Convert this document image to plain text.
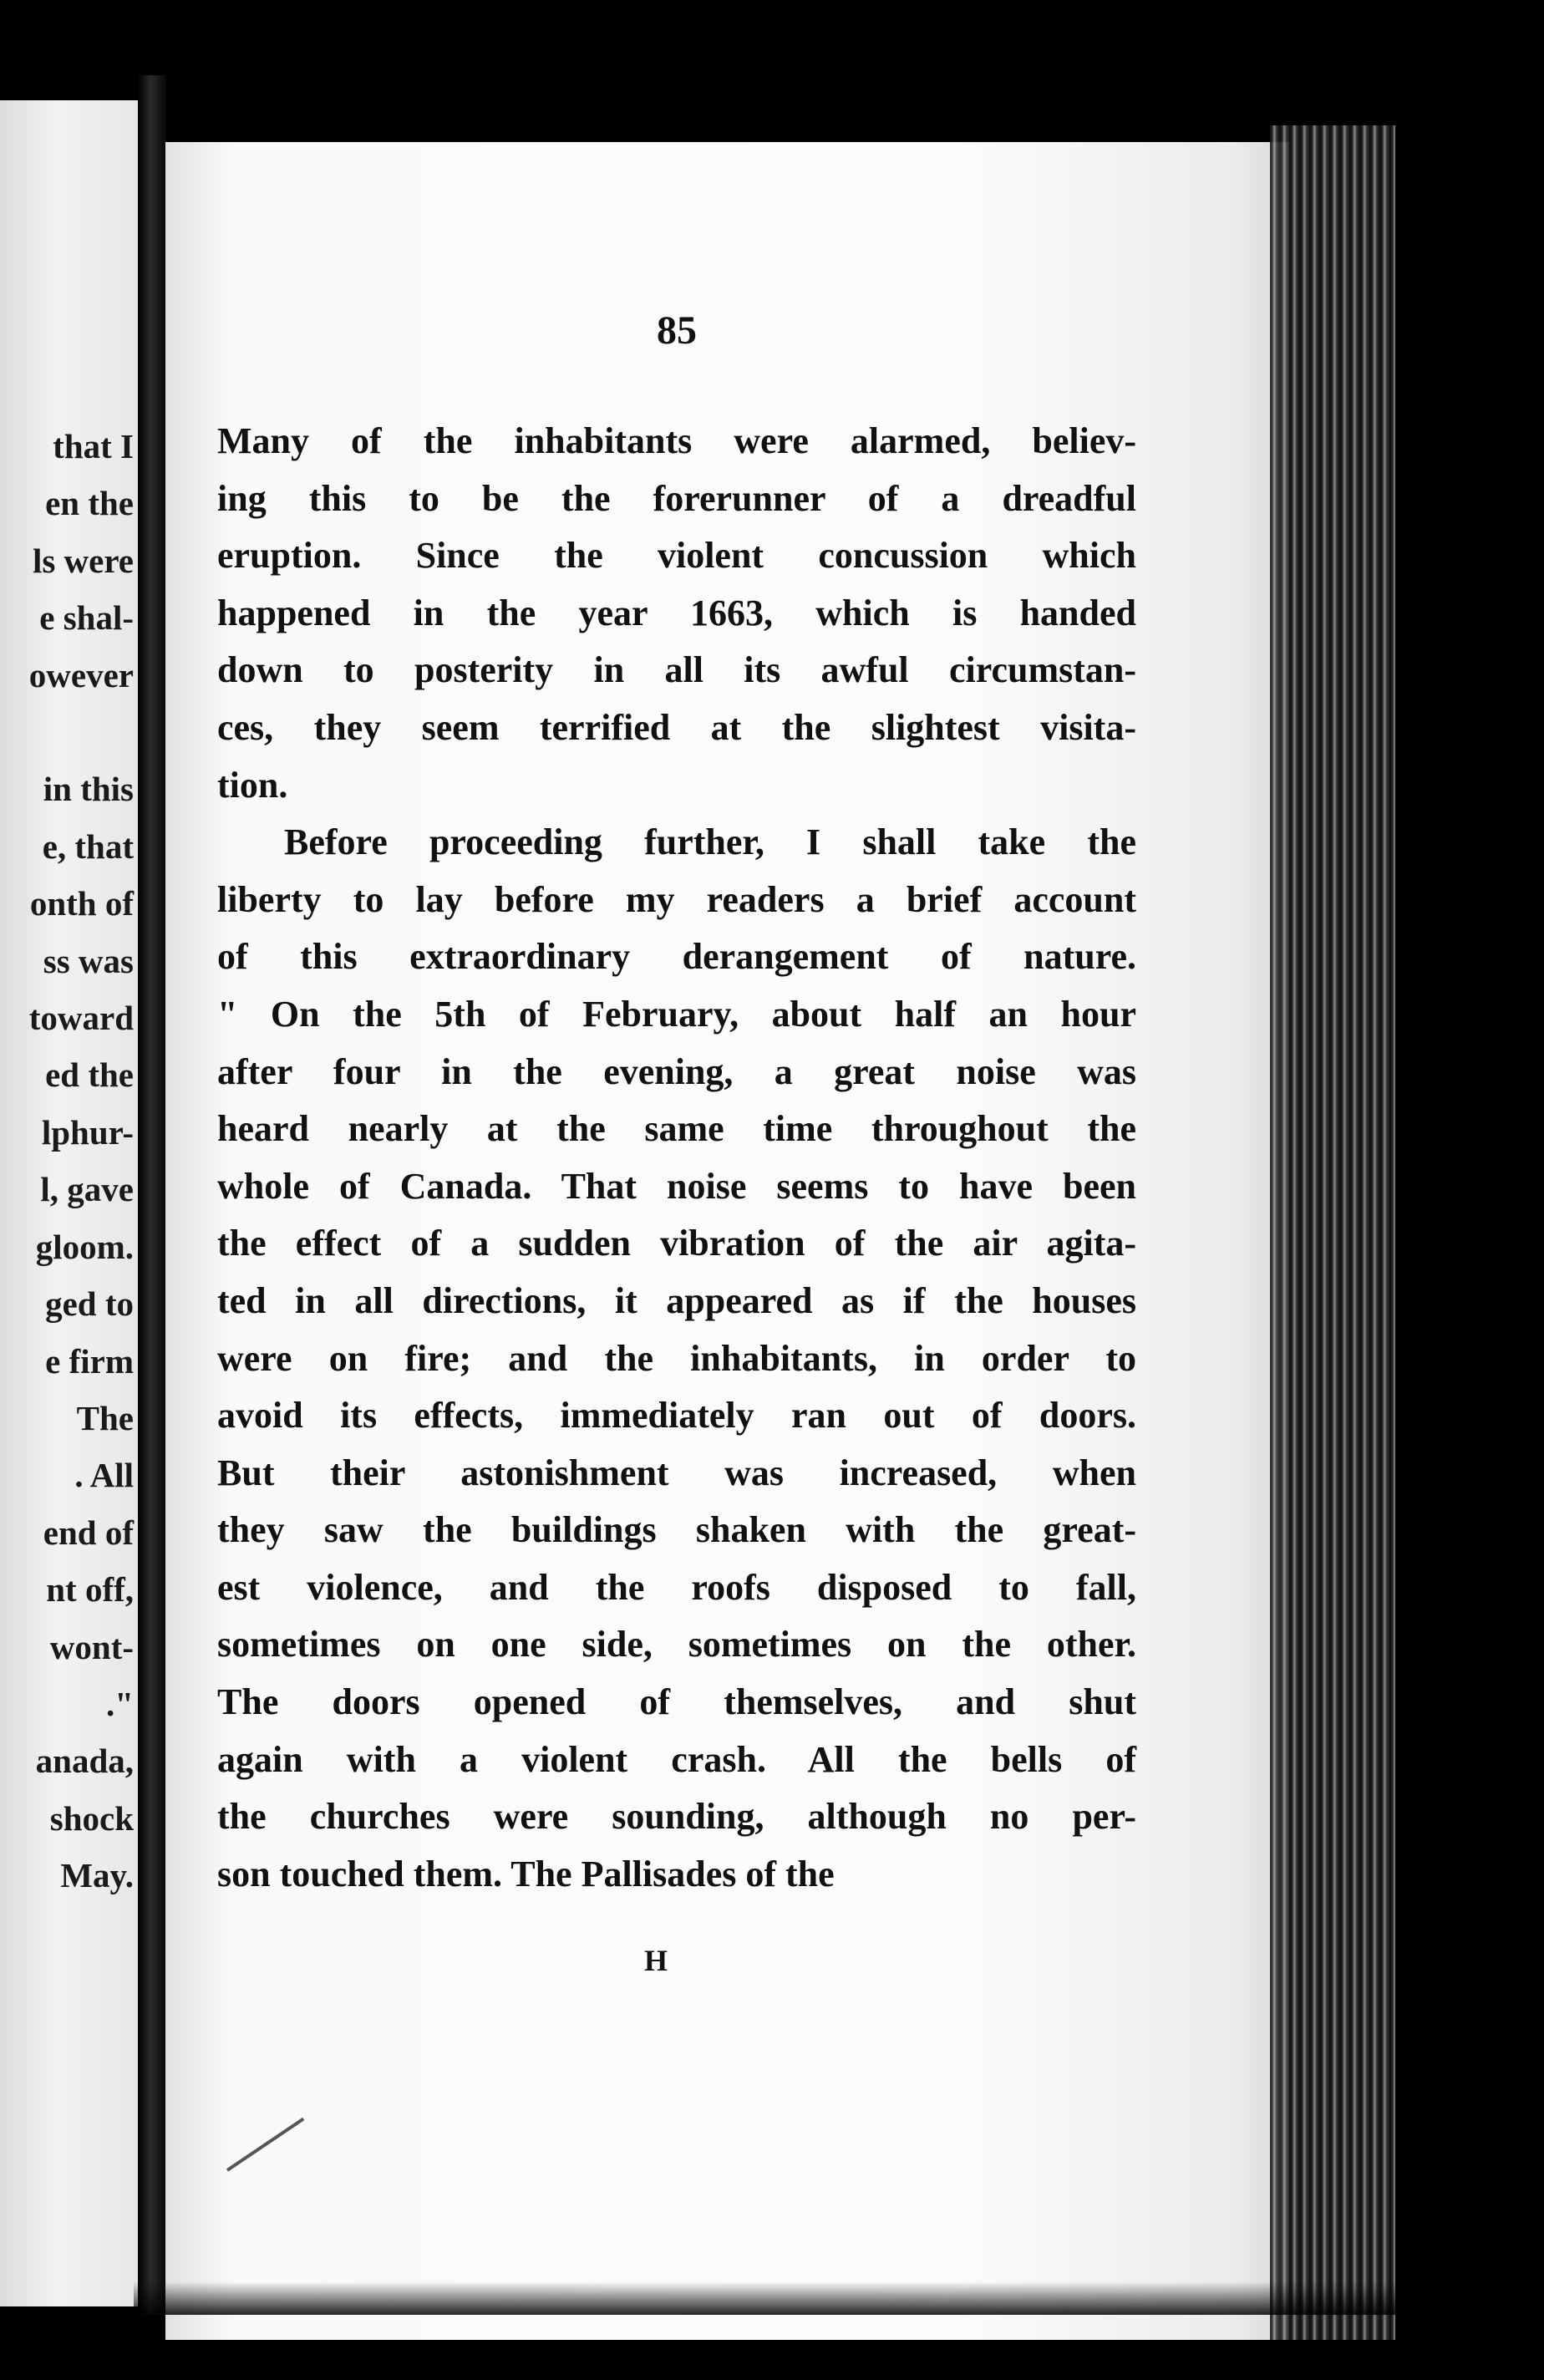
that I
en the
ls were
e shal-
owever

in this
e, that
onth of
ss was
toward
ed the
lphur-
l, gave
gloom.
ged to
e firm
The
. All
end of
nt off,
wont-
."
anada,
shock
May.
85
Many of the inhabitants were alarmed, believ-
ing this to be the forerunner of a dreadful
eruption. Since the violent concussion which
happened in the year 1663, which is handed
down to posterity in all its awful circumstan-
ces, they seem terrified at the slightest visita-
tion.
Before proceeding further, I shall take the
liberty to lay before my readers a brief account
of this extraordinary derangement of nature.
" On the 5th of February, about half an hour
after four in the evening, a great noise was
heard nearly at the same time throughout the
whole of Canada. That noise seems to have been
the effect of a sudden vibration of the air agita-
ted in all directions, it appeared as if the houses
were on fire; and the inhabitants, in order to
avoid its effects, immediately ran out of doors.
But their astonishment was increased, when
they saw the buildings shaken with the great-
est violence, and the roofs disposed to fall,
sometimes on one side, sometimes on the other.
The doors opened of themselves, and shut
again with a violent crash. All the bells of
the churches were sounding, although no per-
son touched them. The Pallisades of the
H
